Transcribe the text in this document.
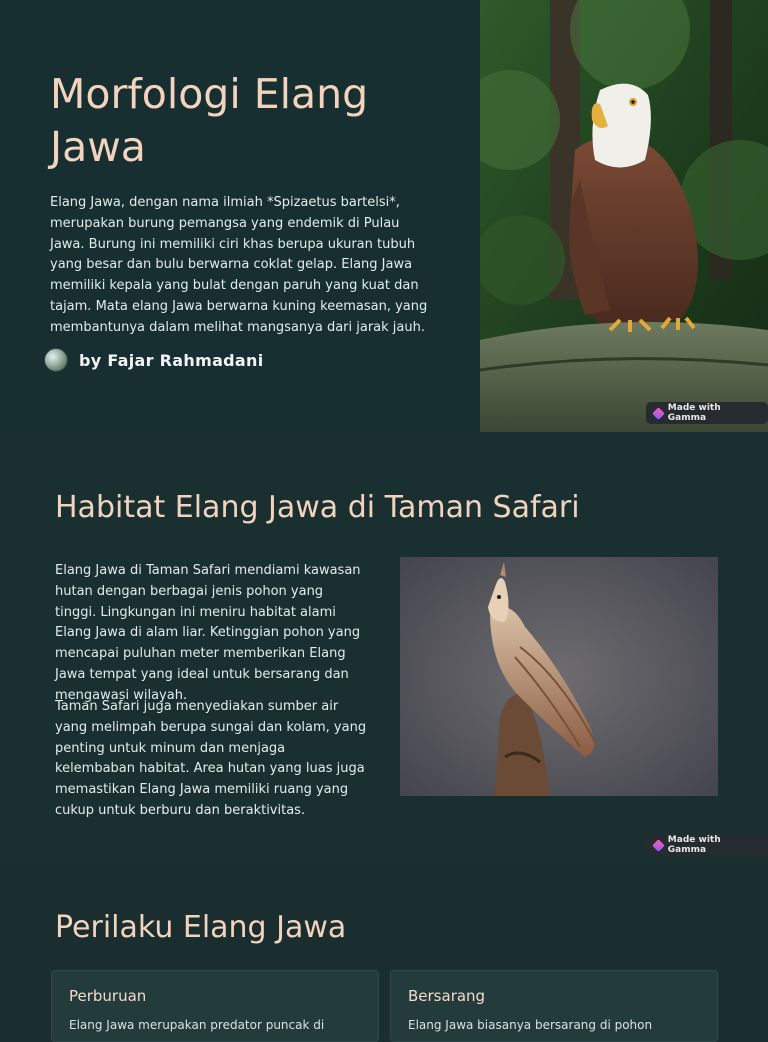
Morfologi Elang Jawa

Elang Jawa, dengan nama ilmiah *Spizaetus bartelsi*, merupakan burung pemangsa yang endemik di Pulau Jawa. Burung ini memiliki ciri khas berupa ukuran tubuh yang besar dan bulu berwarna coklat gelap. Elang Jawa memiliki kepala yang bulat dengan paruh yang kuat dan tajam. Mata elang Jawa berwarna kuning keemasan, yang membantunya dalam melihat mangsanya dari jarak jauh.

by Fajar Rahmadani
Made with Gamma
Habitat Elang Jawa di Taman Safari

Elang Jawa di Taman Safari mendiami kawasan hutan dengan berbagai jenis pohon yang tinggi. Lingkungan ini meniru habitat alami Elang Jawa di alam liar. Ketinggian pohon yang mencapai puluhan meter memberikan Elang Jawa tempat yang ideal untuk bersarang dan mengawasi wilayah.

Taman Safari juga menyediakan sumber air yang melimpah berupa sungai dan kolam, yang penting untuk minum dan menjaga kelembaban habitat. Area hutan yang luas juga memastikan Elang Jawa memiliki ruang yang cukup untuk berburu dan beraktivitas.

Made with Gamma
Perilaku Elang Jawa
Perburuan
Elang Jawa merupakan predator puncak di
Bersarang
Elang Jawa biasanya bersarang di pohon
